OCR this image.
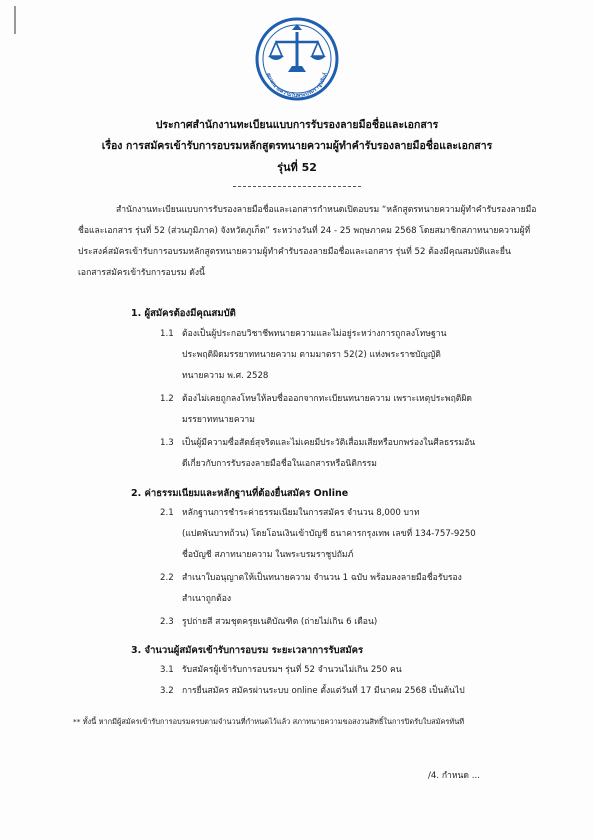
สภาทนายความในพระบรมราชูปถัมภ์
ประกาศสำนักงานทะเบียนแบบการรับรองลายมือชื่อและเอกสาร
เรื่อง การสมัครเข้ารับการอบรมหลักสูตรทนายความผู้ทำคำรับรองลายมือชื่อและเอกสาร
รุ่นที่ 52
สำนักงานทะเบียนแบบการรับรองลายมือชื่อและเอกสารกำหนดเปิดอบรม “หลักสูตรทนายความผู้ทำคำรับรองลายมือชื่อและเอกสาร รุ่นที่ 52 (ส่วนภูมิภาค) จังหวัดภูเก็ต” ระหว่างวันที่ 24 - 25 พฤษภาคม 2568 โดยสมาชิกสภาทนายความผู้ที่ประสงค์สมัครเข้ารับการอบรมหลักสูตรทนายความผู้ทำคำรับรองลายมือชื่อและเอกสาร รุ่นที่ 52 ต้องมีคุณสมบัติและยื่นเอกสารสมัครเข้ารับการอบรม ดังนี้
1. ผู้สมัครต้องมีคุณสมบัติ
1.1 ต้องเป็นผู้ประกอบวิชาชีพทนายความและไม่อยู่ระหว่างการถูกลงโทษฐาน
ประพฤติผิดมรรยาททนายความ ตามมาตรา 52(2) แห่งพระราชบัญญัติ
ทนายความ พ.ศ. 2528
1.2 ต้องไม่เคยถูกลงโทษให้ลบชื่อออกจากทะเบียนทนายความ เพราะเหตุประพฤติผิด
มรรยาททนายความ
1.3 เป็นผู้มีความซื่อสัตย์สุจริตและไม่เคยมีประวัติเสื่อมเสียหรือบกพร่องในศีลธรรมอัน
ดีเกี่ยวกับการรับรองลายมือชื่อในเอกสารหรือนิติกรรม
2. ค่าธรรมเนียมและหลักฐานที่ต้องยื่นสมัคร Online
2.1 หลักฐานการชำระค่าธรรมเนียมในการสมัคร จำนวน 8,000 บาท
(แปดพันบาทถ้วน) โดยโอนเงินเข้าบัญชี ธนาคารกรุงเทพ เลขที่ 134-757-9250
ชื่อบัญชี สภาทนายความ ในพระบรมราชูปถัมภ์
2.2 สำเนาใบอนุญาตให้เป็นทนายความ จำนวน 1 ฉบับ พร้อมลงลายมือชื่อรับรอง
สำเนาถูกต้อง
2.3 รูปถ่ายสี สวมชุดครุยเนติบัณฑิต (ถ่ายไม่เกิน 6 เดือน)
3. จำนวนผู้สมัครเข้ารับการอบรม ระยะเวลาการรับสมัคร
3.1 รับสมัครผู้เข้ารับการอบรมฯ รุ่นที่ 52 จำนวนไม่เกิน 250 คน
3.2 การยื่นสมัคร สมัครผ่านระบบ online ตั้งแต่วันที่ 17 มีนาคม 2568 เป็นต้นไป
** ทั้งนี้ หากมีผู้สมัครเข้ารับการอบรมครบตามจำนวนที่กำหนดไว้แล้ว สภาทนายความขอสงวนสิทธิ์ในการปิดรับใบสมัครทันที
/4. กำหนด ...
